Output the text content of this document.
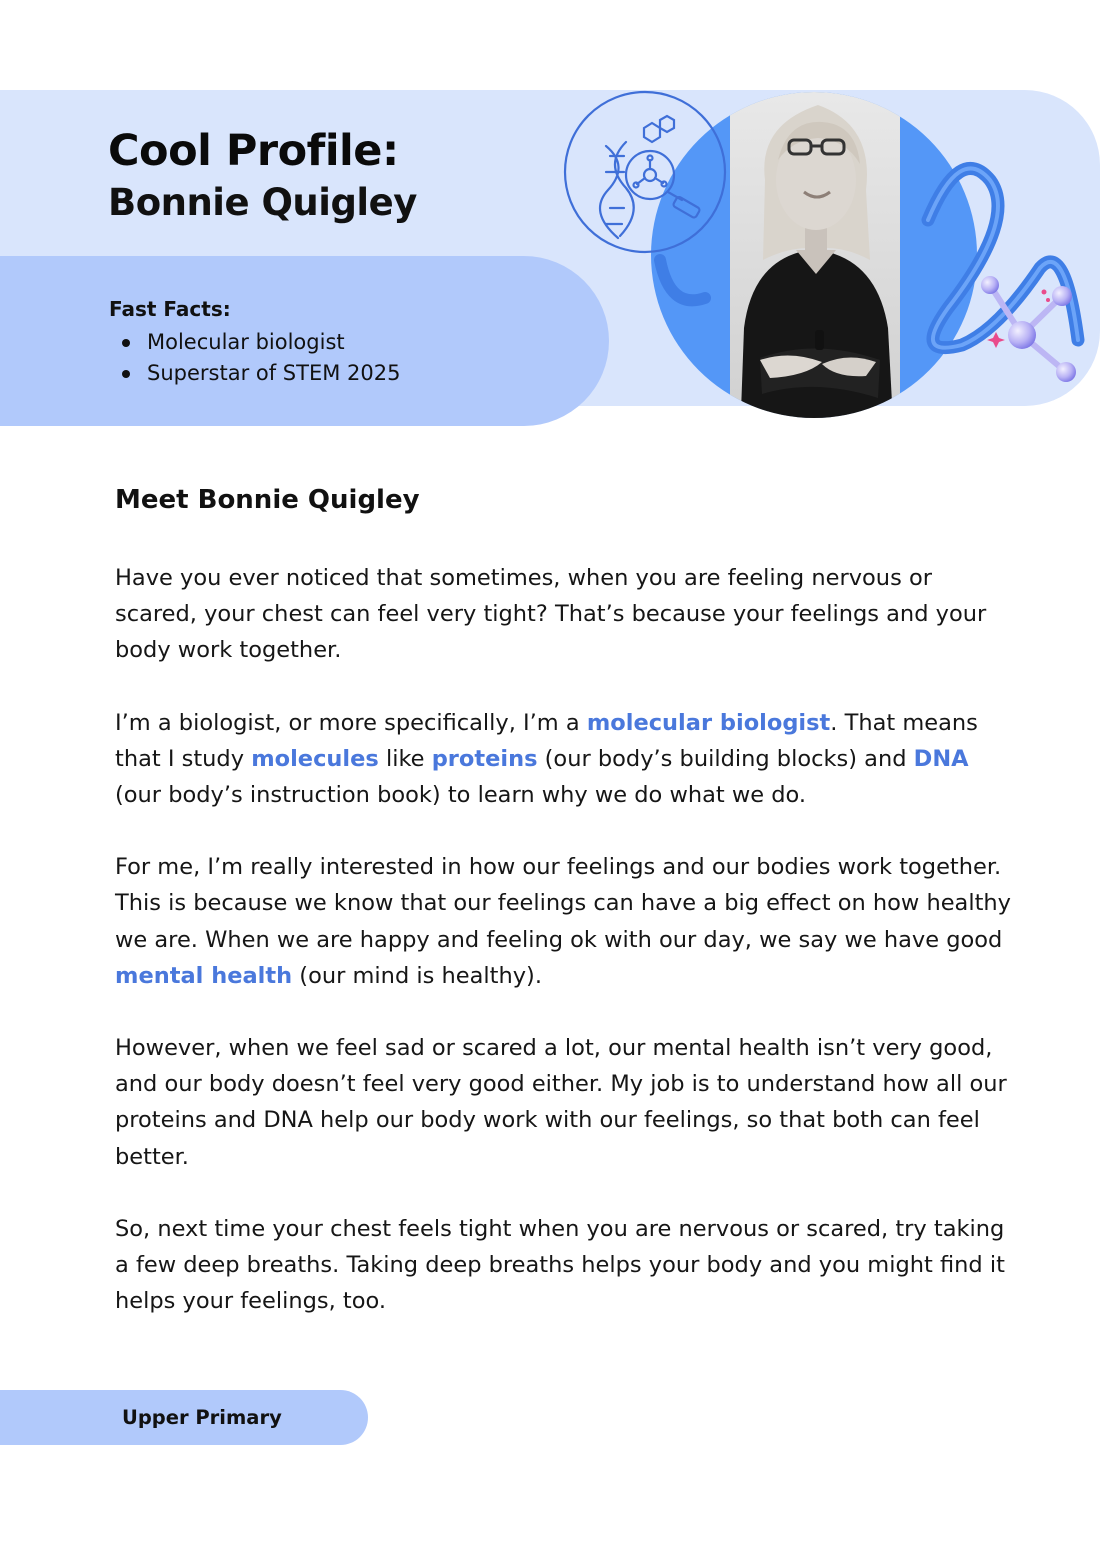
Cool Profile:
Bonnie Quigley
Fast Facts:
Molecular biologist
Superstar of STEM 2025
Meet Bonnie Quigley

Have you ever noticed that sometimes, when you are feeling nervous or scared, your chest can feel very tight? That’s because your feelings and your body work together.

I’m a biologist, or more specifically, I’m a molecular biologist. That means that I study molecules like proteins (our body’s building blocks) and DNA (our body’s instruction book) to learn why we do what we do.

For me, I’m really interested in how our feelings and our bodies work together. This is because we know that our feelings can have a big effect on how healthy we are. When we are happy and feeling ok with our day, we say we have good mental health (our mind is healthy).

However, when we feel sad or scared a lot, our mental health isn’t very good, and our body doesn’t feel very good either. My job is to understand how all our proteins and DNA help our body work with our feelings, so that both can feel better.

So, next time your chest feels tight when you are nervous or scared, try taking a few deep breaths. Taking deep breaths helps your body and you might find it helps your feelings, too.

Upper Primary
